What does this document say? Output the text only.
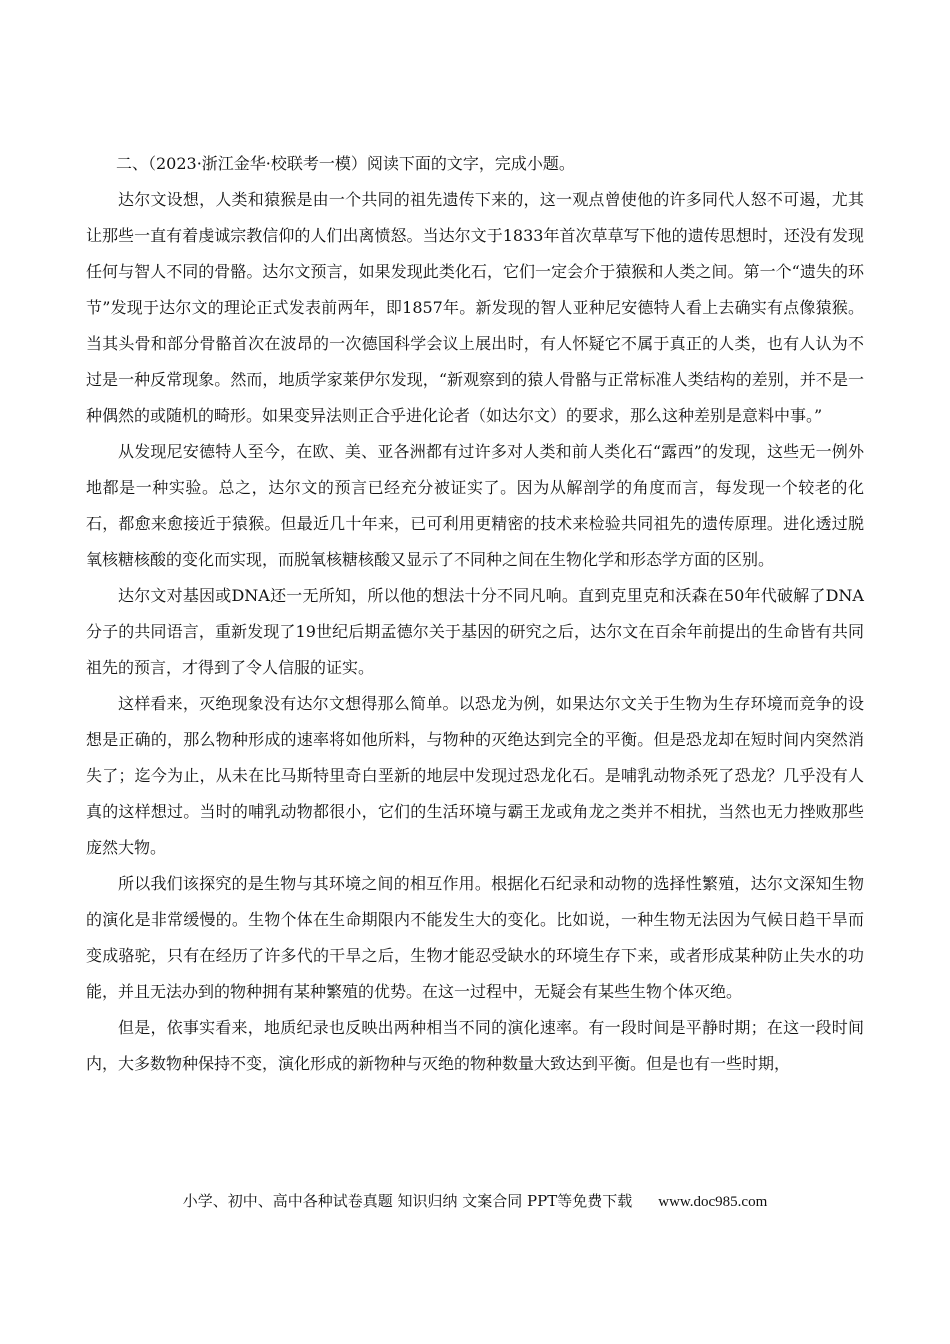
二、（2023·浙江金华·校联考一模）阅读下面的文字，完成小题。

达尔文设想，人类和猿猴是由一个共同的祖先遗传下来的，这一观点曾使他的许多同代人怒不可遏，尤其让那些一直有着虔诚宗教信仰的人们出离愤怒。当达尔文于1833年首次草草写下他的遗传思想时，还没有发现任何与智人不同的骨骼。达尔文预言，如果发现此类化石，它们一定会介于猿猴和人类之间。第一个“遗失的环节”发现于达尔文的理论正式发表前两年，即1857年。新发现的智人亚种尼安德特人看上去确实有点像猿猴。当其头骨和部分骨骼首次在波昂的一次德国科学会议上展出时，有人怀疑它不属于真正的人类，也有人认为不过是一种反常现象。然而，地质学家莱伊尔发现，“新观察到的猿人骨骼与正常标准人类结构的差别，并不是一种偶然的或随机的畸形。如果变异法则正合乎进化论者（如达尔文）的要求，那么这种差别是意料中事。”

从发现尼安德特人至今，在欧、美、亚各洲都有过许多对人类和前人类化石“露西”的发现，这些无一例外地都是一种实验。总之，达尔文的预言已经充分被证实了。因为从解剖学的角度而言，每发现一个较老的化石，都愈来愈接近于猿猴。但最近几十年来，已可利用更精密的技术来检验共同祖先的遗传原理。进化透过脱氧核糖核酸的变化而实现，而脱氧核糖核酸又显示了不同种之间在生物化学和形态学方面的区别。

达尔文对基因或DNA还一无所知，所以他的想法十分不同凡响。直到克里克和沃森在50年代破解了DNA分子的共同语言，重新发现了19世纪后期孟德尔关于基因的研究之后，达尔文在百余年前提出的生命皆有共同祖先的预言，才得到了令人信服的证实。

这样看来，灭绝现象没有达尔文想得那么简单。以恐龙为例，如果达尔文关于生物为生存环境而竞争的设想是正确的，那么物种形成的速率将如他所料，与物种的灭绝达到完全的平衡。但是恐龙却在短时间内突然消失了；迄今为止，从未在比马斯特里奇白垩新的地层中发现过恐龙化石。是哺乳动物杀死了恐龙？几乎没有人真的这样想过。当时的哺乳动物都很小，它们的生活环境与霸王龙或角龙之类并不相扰，当然也无力挫败那些庞然大物。

所以我们该探究的是生物与其环境之间的相互作用。根据化石纪录和动物的选择性繁殖，达尔文深知生物的演化是非常缓慢的。生物个体在生命期限内不能发生大的变化。比如说，一种生物无法因为气候日趋干旱而变成骆驼，只有在经历了许多代的干旱之后，生物才能忍受缺水的环境生存下来，或者形成某种防止失水的功能，并且无法办到的物种拥有某种繁殖的优势。在这一过程中，无疑会有某些生物个体灭绝。

但是，依事实看来，地质纪录也反映出两种相当不同的演化速率。有一段时间是平静时期；在这一段时间内，大多数物种保持不变，演化形成的新物种与灭绝的物种数量大致达到平衡。但是也有一些时期，

小学、初中、高中各种试卷真题 知识归纳 文案合同 PPT等免费下载 www.doc985.com
